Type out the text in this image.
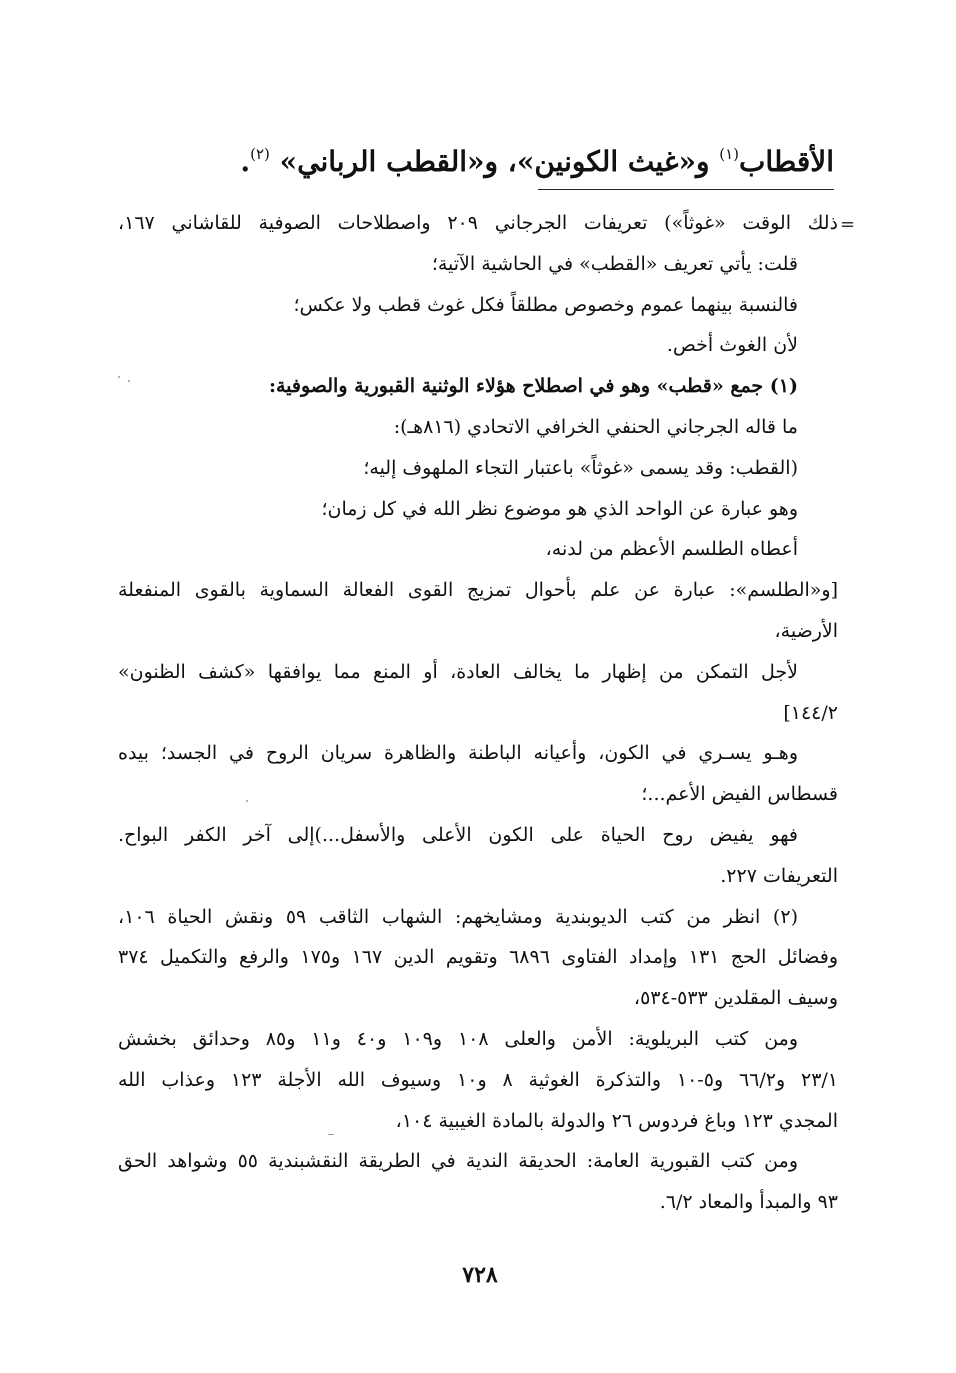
الأقطاب$^{(١)}$ و«غيث الكونين»، و«القطب الرباني» $^{(٢)}$.
=
ذلك الوقت «غوثاً») تعريفات الجرجاني ٢٠٩ واصطلاحات الصوفية للقاشاني ١٦٧،
قلت: يأتي تعريف «القطب» في الحاشية الآتية؛
فالنسبة بينهما عموم وخصوص مطلقاً فكل غوث قطب ولا عكس؛
لأن الغوث أخص.
(١) جمع «قطب» وهو في اصطلاح هؤلاء الوثنية القبورية والصوفية:
ما قاله الجرجاني الحنفي الخرافي الاتحادي (٨١٦هـ):
(القطب: وقد يسمى «غوثاً» باعتبار التجاء الملهوف إليه؛
وهو عبارة عن الواحد الذي هو موضوع نظر الله في كل زمان؛
أعطاه الطلسم الأعظم من لدنه،
[و«الطلسم»: عبارة عن علم بأحوال تمزيج القوى الفعالة السماوية بالقوى المنفعلة
الأرضية،
لأجل التمكن من إظهار ما يخالف العادة، أو المنع مما يوافقها «كشف الظنون»
١٤٤/٢]
وهـو يسـري في الكون، وأعيانه الباطنة والظاهرة سريان الروح في الجسد؛ بيده
قسطاس الفيض الأعم...؛
فهو يفيض روح الحياة على الكون الأعلى والأسفل...)إلى آخر الكفر البواح.
التعريفات ٢٢٧.
(٢) انظر من كتب الديوبندية ومشايخهم: الشهاب الثاقب ٥٩ ونقش الحياة ١٠٦،
وفضائل الحج ١٣١ وإمداد الفتاوى ٦٨٩٦ وتقويم الدين ١٦٧ و١٧٥ والرفع والتكميل ٣٧٤
وسيف المقلدين ٥٣٣-٥٣٤،
ومن كتب البريلوية: الأمن والعلى ١٠٨ و١٠٩ و٤٠ و١١ و٨٥ وحدائق بخشش
٢٣/١ و٦٦/٢ و٥-١٠ والتذكرة الغوثية ٨ و١٠ وسيوف الله الأجلة ١٢٣ وعذاب الله
المجدي ١٢٣ وباغ فردوس ٢٦ والدولة بالمادة الغيبية ١٠٤،
ومن كتب القبورية العامة: الحديقة الندية في الطريقة النقشبندية ٥٥ وشواهد الحق
٩٣ والمبدأ والمعاد ٦/٢.
٧٢٨
